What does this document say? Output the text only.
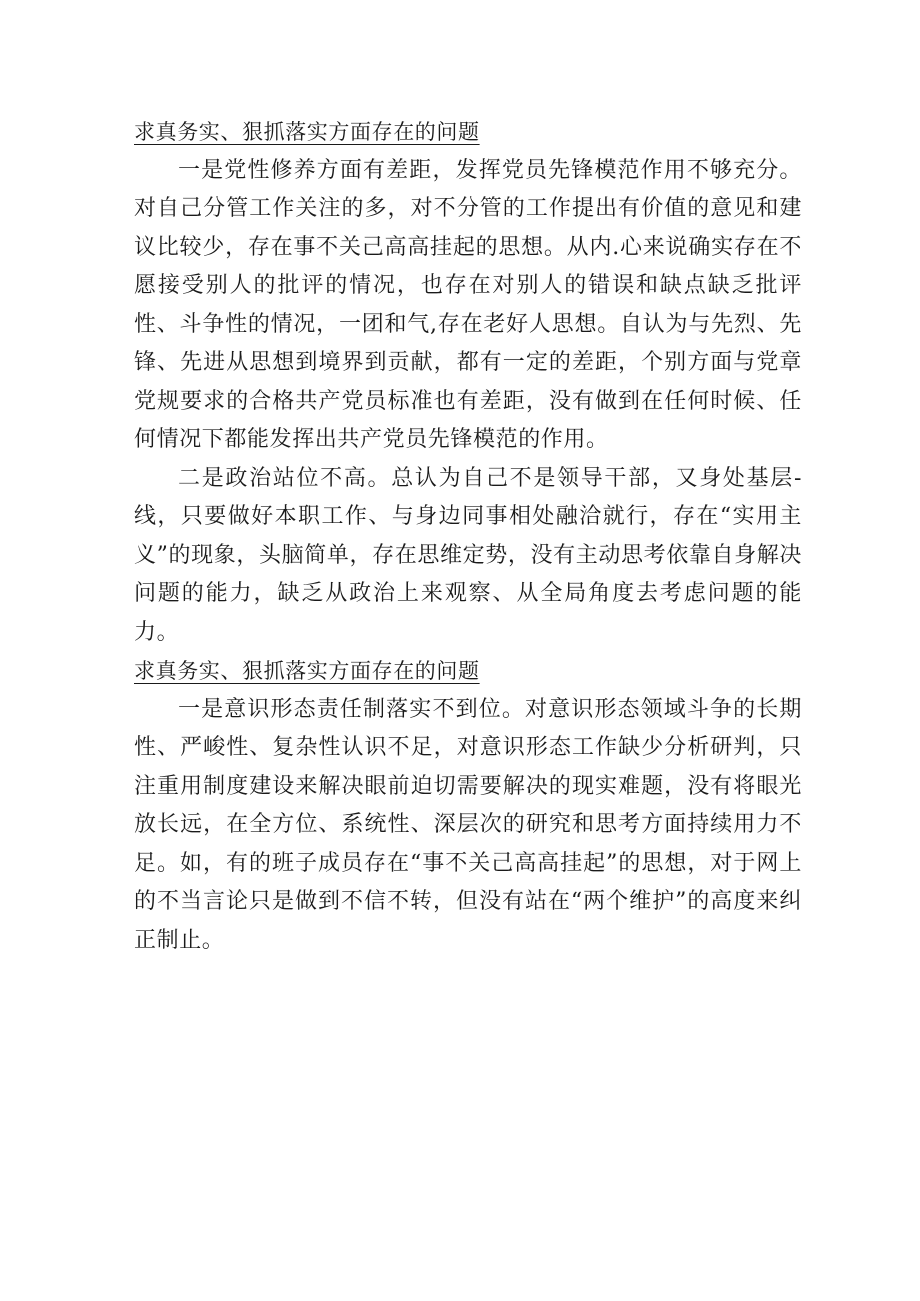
求真务实、狠抓落实方面存在的问题

一是党性修养方面有差距，发挥党员先锋模范作用不够充分。对自己分管工作关注的多，对不分管的工作提出有价值的意见和建议比较少，存在事不关己高高挂起的思想。从内.心来说确实存在不愿接受别人的批评的情况，也存在对别人的错误和缺点缺乏批评性、斗争性的情况，一团和气,存在老好人思想。自认为与先烈、先锋、先进从思想到境界到贡献，都有一定的差距，个别方面与党章党规要求的合格共产党员标准也有差距，没有做到在任何时候、任何情况下都能发挥出共产党员先锋模范的作用。

二是政治站位不高。总认为自己不是领导干部，又身处基层-线，只要做好本职工作、与身边同事相处融洽就行，存在“实用主义”的现象，头脑简单，存在思维定势，没有主动思考依靠自身解决问题的能力，缺乏从政治上来观察、从全局角度去考虑问题的能力。

求真务实、狠抓落实方面存在的问题

一是意识形态责任制落实不到位。对意识形态领域斗争的长期性、严峻性、复杂性认识不足，对意识形态工作缺少分析研判，只注重用制度建设来解决眼前迫切需要解决的现实难题，没有将眼光放长远，在全方位、系统性、深层次的研究和思考方面持续用力不足。如，有的班子成员存在“事不关己高高挂起”的思想，对于网上的不当言论只是做到不信不转，但没有站在“两个维护”的高度来纠正制止。
